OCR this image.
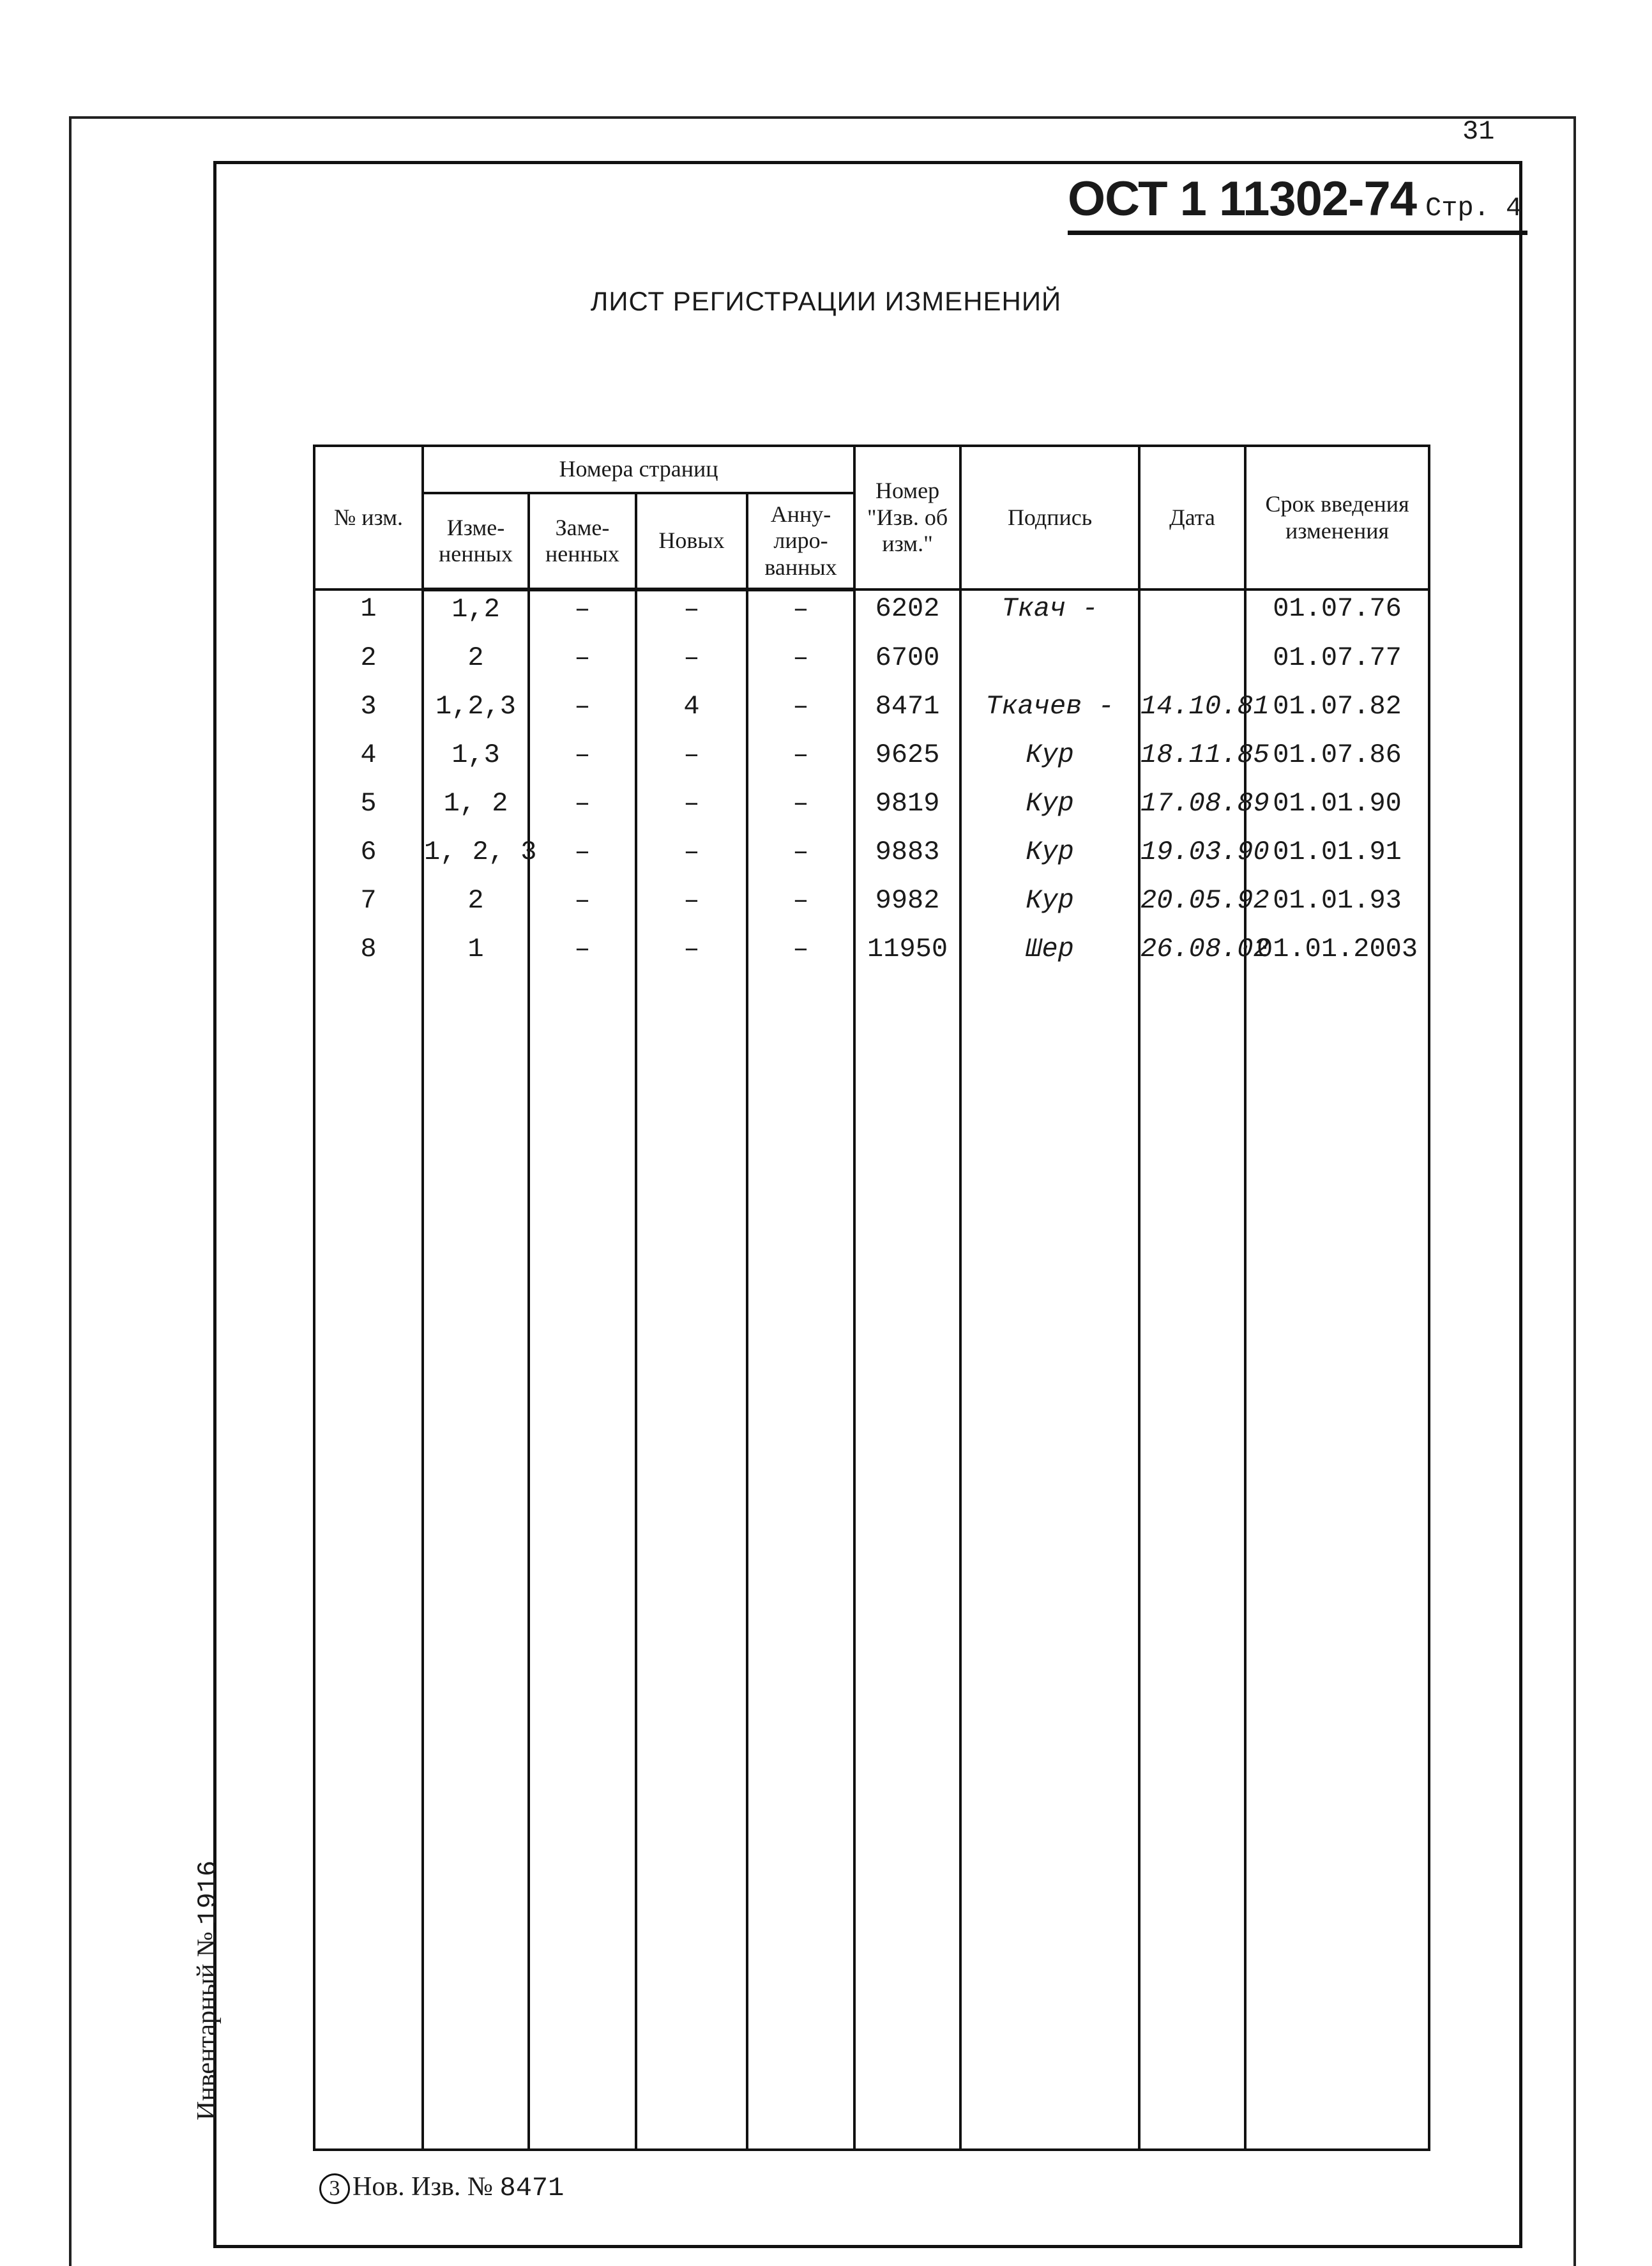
31
ОСТ 1 11302-74 Стр. 4
ЛИСТ РЕГИСТРАЦИИ ИЗМЕНЕНИЙ
№ изм.	Номера страниц				Номер "Изв. об изм."	Подпись	Дата	Срок введения изменения
	Изме- ненных	Заме- ненных	Новых	Анну- лиро- ванных				
1	1,2	–	–	–	6202	Ткач -		01.07.76
2	2	–	–	–	6700			01.07.77
3	1,2,3	–	4	–	8471	Ткачев -	14.10.81	01.07.82
4	1,3	–	–	–	9625	Кур	18.11.85	01.07.86
5	1, 2	–	–	–	9819	Кур	17.08.89	01.01.90
6	1, 2, 3	–	–	–	9883	Кур	19.03.90	01.01.91
7	2	–	–	–	9982	Кур	20.05.92	01.01.93
8	1	–	–	–	11950	Шер	26.08.02	01.01.2003

Инвентарный № 1916
3 Нов. Изв. № 8471
